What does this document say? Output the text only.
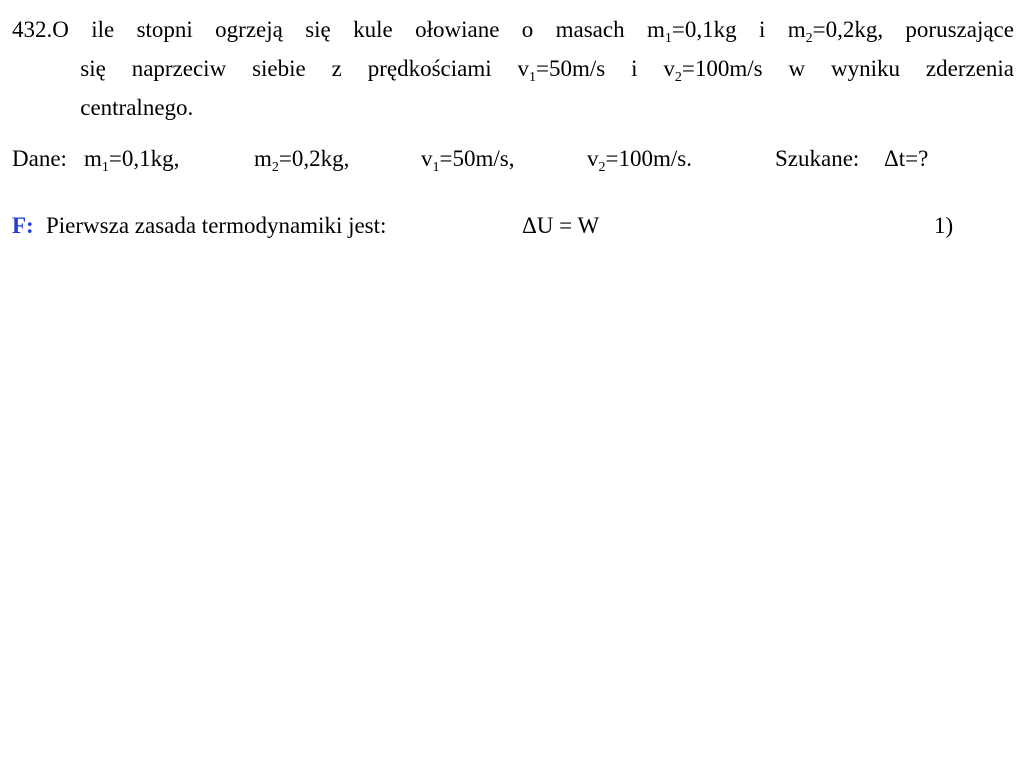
432. O ile stopni ogrzeją się kule ołowiane o masach $m_1=0,1kg$ i $m_2=0,2kg$, poruszające
się naprzeciw siebie z prędkościami $v_1=50m/s$ i $v_2=100m/s$ w wyniku zderzenia
centralnego.
Dane: $m_1=0,1kg$,	$m_2=0,2kg$,	$v_1=50m/s$,	$v_2=100m/s$.	Szukane: Δt=?
F: Pierwsza zasada termodynamiki jest:	ΔU = W	1)
